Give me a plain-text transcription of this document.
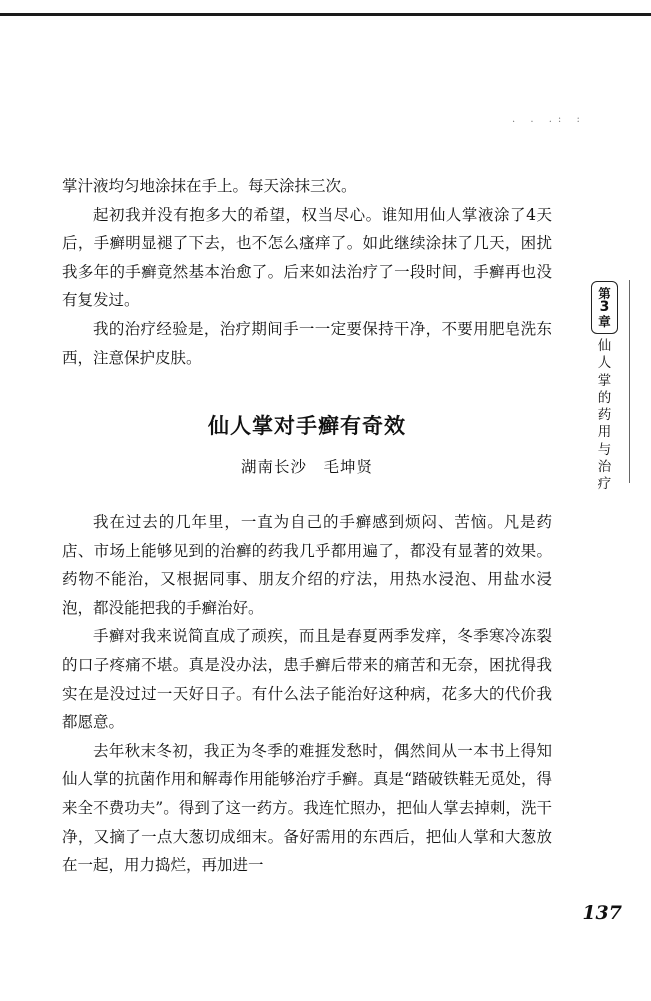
. . .: :

掌汁液均匀地涂抹在手上。每天涂抹三次。

起初我并没有抱多大的希望，权当尽心。谁知用仙人掌液涂了4天后，手癣明显褪了下去，也不怎么瘙痒了。如此继续涂抹了几天，困扰我多年的手癣竟然基本治愈了。后来如法治疗了一段时间，手癣再也没有复发过。

我的治疗经验是，治疗期间手一一定要保持干净，不要用肥皂洗东西，注意保护皮肤。

仙人掌对手癣有奇效
湖南长沙　毛坤贤

我在过去的几年里，一直为自己的手癣感到烦闷、苦恼。凡是药店、市场上能够见到的治癣的药我几乎都用遍了，都没有显著的效果。药物不能治，又根据同事、朋友介绍的疗法，用热水浸泡、用盐水浸泡，都没能把我的手癣治好。

手癣对我来说简直成了顽疾，而且是春夏两季发痒，冬季寒冷冻裂的口子疼痛不堪。真是没办法，患手癣后带来的痛苦和无奈，困扰得我实在是没过过一天好日子。有什么法子能治好这种病，花多大的代价我都愿意。

去年秋末冬初，我正为冬季的难捱发愁时，偶然间从一本书上得知仙人掌的抗菌作用和解毒作用能够治疗手癣。真是“踏破铁鞋无觅处，得来全不费功夫”。得到了这一药方。我连忙照办，把仙人掌去掉刺，洗干净，又摘了一点大葱切成细末。备好需用的东西后，把仙人掌和大葱放在一起，用力捣烂，再加进一

第
3
章
仙人掌的药用与治疗
137
